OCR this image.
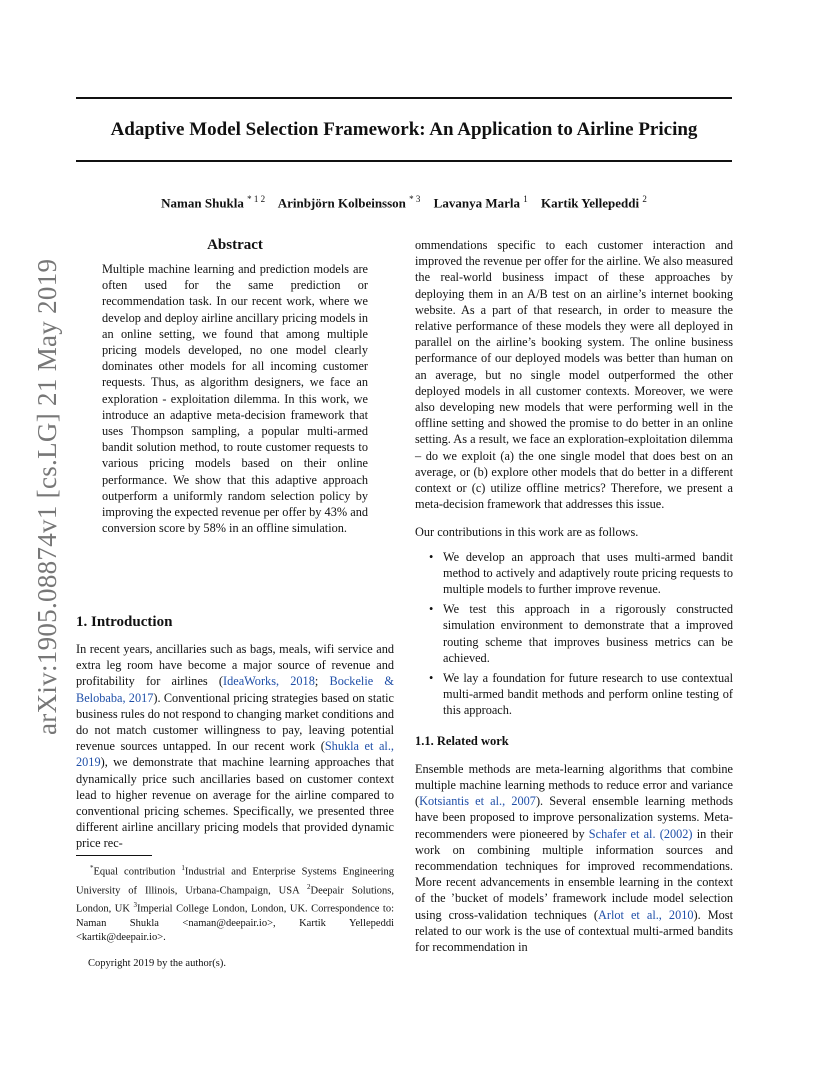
arXiv:1905.08874v1 [cs.LG] 21 May 2019
Adaptive Model Selection Framework: An Application to Airline Pricing
Naman Shukla $^{* 1 2}$ Arinbjörn Kolbeinsson $^{* 3}$ Lavanya Marla $^1$ Kartik Yellepeddi $^2$
Abstract

Multiple machine learning and prediction models are often used for the same prediction or recommendation task. In our recent work, where we develop and deploy airline ancillary pricing models in an online setting, we found that among multiple pricing models developed, no one model clearly dominates other models for all incoming customer requests. Thus, as algorithm designers, we face an exploration - exploitation dilemma. In this work, we introduce an adaptive meta-decision framework that uses Thompson sampling, a popular multi-armed bandit solution method, to route customer requests to various pricing models based on their online performance. We show that this adaptive approach outperform a uniformly random selection policy by improving the expected revenue per offer by 43% and conversion score by 58% in an offline simulation.

1. Introduction

In recent years, ancillaries such as bags, meals, wifi service and extra leg room have become a major source of revenue and profitability for airlines (IdeaWorks, 2018; Bockelie & Belobaba, 2017). Conventional pricing strategies based on static business rules do not respond to changing market conditions and do not match customer willingness to pay, leaving potential revenue sources untapped. In our recent work (Shukla et al., 2019), we demonstrate that machine learning approaches that dynamically price such ancillaries based on customer context lead to higher revenue on average for the airline compared to conventional pricing schemes. Specifically, we presented three different airline ancillary pricing models that provided dynamic price rec-

*Equal contribution $^1$Industrial and Enterprise Systems Engineering University of Illinois, Urbana-Champaign, USA $^2$Deepair Solutions, London, UK $^3$Imperial College London, London, UK. Correspondence to: Naman Shukla <naman@deepair.io>, Kartik Yellepeddi <kartik@deepair.io>.
Copyright 2019 by the author(s).

ommendations specific to each customer interaction and improved the revenue per offer for the airline. We also measured the real-world business impact of these approaches by deploying them in an A/B test on an airline’s internet booking website. As a part of that research, in order to measure the relative performance of these models they were all deployed in parallel on the airline’s booking system. The online business performance of our deployed models was better than human on an average, but no single model outperformed the other deployed models in all customer contexts. Moreover, we were also developing new models that were performing well in the offline setting and showed the promise to do better in an online setting. As a result, we face an exploration-exploitation dilemma – do we exploit (a) the one single model that does best on an average, or (b) explore other models that do better in a different context or (c) utilize offline metrics? Therefore, we present a meta-decision framework that addresses this issue.

Our contributions in this work are as follows.

• We develop an approach that uses multi-armed bandit method to actively and adaptively route pricing requests to multiple models to further improve revenue.
• We test this approach in a rigorously constructed simulation environment to demonstrate that a improved routing scheme that improves business metrics can be achieved.
• We lay a foundation for future research to use contextual multi-armed bandit methods and perform online testing of this approach.
1.1. Related work

Ensemble methods are meta-learning algorithms that combine multiple machine learning methods to reduce error and variance (Kotsiantis et al., 2007). Several ensemble learning methods have been proposed to improve personalization systems. Meta-recommenders were pioneered by Schafer et al. (2002) in their work on combining multiple information sources and recommendation techniques for improved recommendations. More recent advancements in ensemble learning in the context of the ’bucket of models’ framework include model selection using cross-validation techniques (Arlot et al., 2010). Most related to our work is the use of contextual multi-armed bandits for recommendation in
